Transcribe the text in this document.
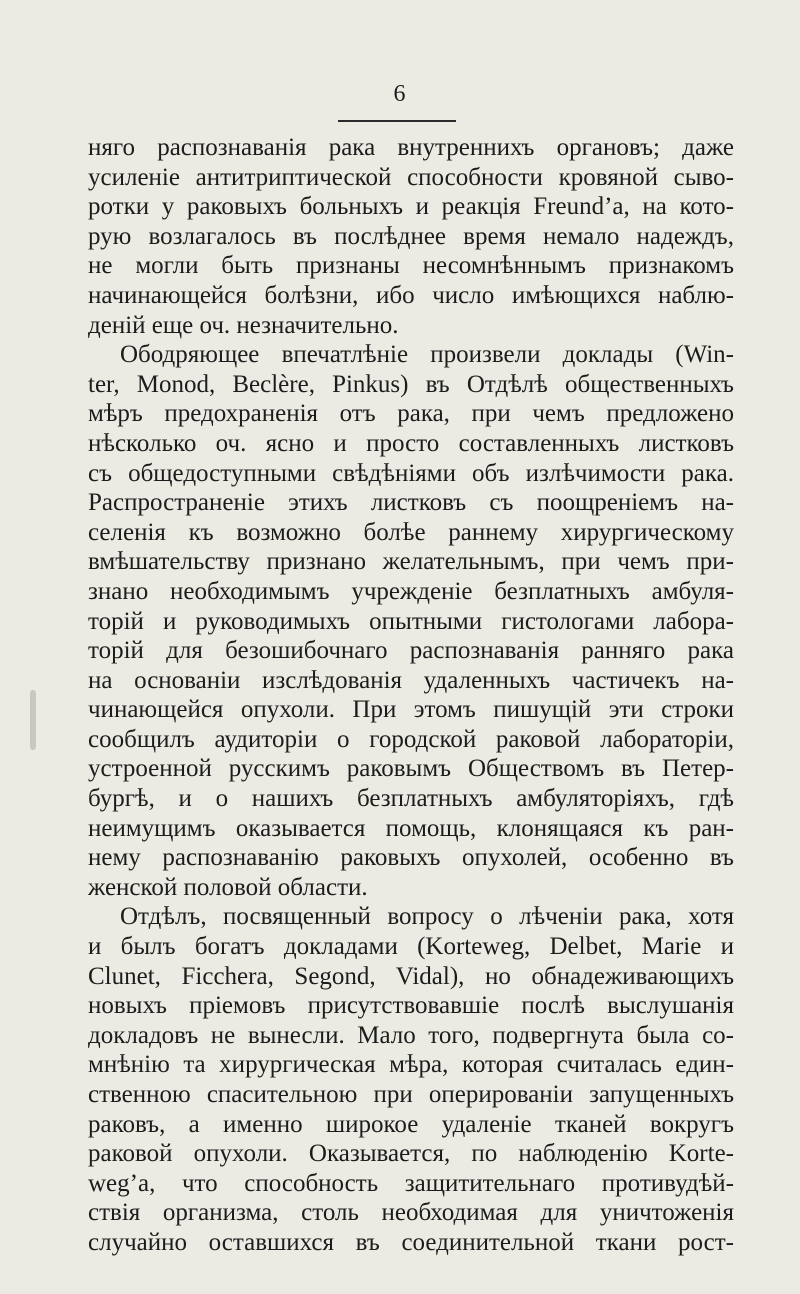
6
няго распознаванія рака внутреннихъ органовъ; даже
усиленіе антитриптической способности кровяной сыво-
ротки у раковыхъ больныхъ и реакція Freund’а, на кото-
рую возлагалось въ послѣднее время немало надеждъ,
не могли быть признаны несомнѣннымъ признакомъ
начинающейся болѣзни, ибо число имѣющихся наблю-
деній еще оч. незначительно.
Ободряющее впечатлѣніе произвели доклады (Win-
ter, Monod, Beclère, Pinkus) въ Отдѣлѣ общественныхъ
мѣръ предохраненія отъ рака, при чемъ предложено
нѣсколько оч. ясно и просто составленныхъ листковъ
съ общедоступными свѣдѣніями объ излѣчимости рака.
Распространеніе этихъ листковъ съ поощреніемъ на-
селенія къ возможно болѣе раннему хирургическому
вмѣшательству признано желательнымъ, при чемъ при-
знано необходимымъ учрежденіе безплатныхъ амбуля-
торій и руководимыхъ опытными гистологами лабора-
торій для безошибочнаго распознаванія ранняго рака
на основаніи изслѣдованія удаленныхъ частичекъ на-
чинающейся опухоли. При этомъ пишущій эти строки
сообщилъ аудиторіи о городской раковой лабораторіи,
устроенной русскимъ раковымъ Обществомъ въ Петер-
бургѣ, и о нашихъ безплатныхъ амбуляторіяхъ, гдѣ
неимущимъ оказывается помощь, клонящаяся къ ран-
нему распознаванію раковыхъ опухолей, особенно въ
женской половой области.
Отдѣлъ, посвященный вопросу о лѣченіи рака, хотя
и былъ богатъ докладами (Korteweg, Delbet, Marie и
Clunet, Ficchera, Segond, Vidal), но обнадеживающихъ
новыхъ пріемовъ присутствовавшіе послѣ выслушанія
докладовъ не вынесли. Мало того, подвергнута была со-
мнѣнію та хирургическая мѣра, которая считалась един-
ственною спасительною при оперированіи запущенныхъ
раковъ, а именно широкое удаленіе тканей вокругъ
раковой опухоли. Оказывается, по наблюденію Korte-
weg’а, что способность защитительнаго противудѣй-
ствія организма, столь необходимая для уничтоженія
случайно оставшихся въ соединительной ткани рост-
